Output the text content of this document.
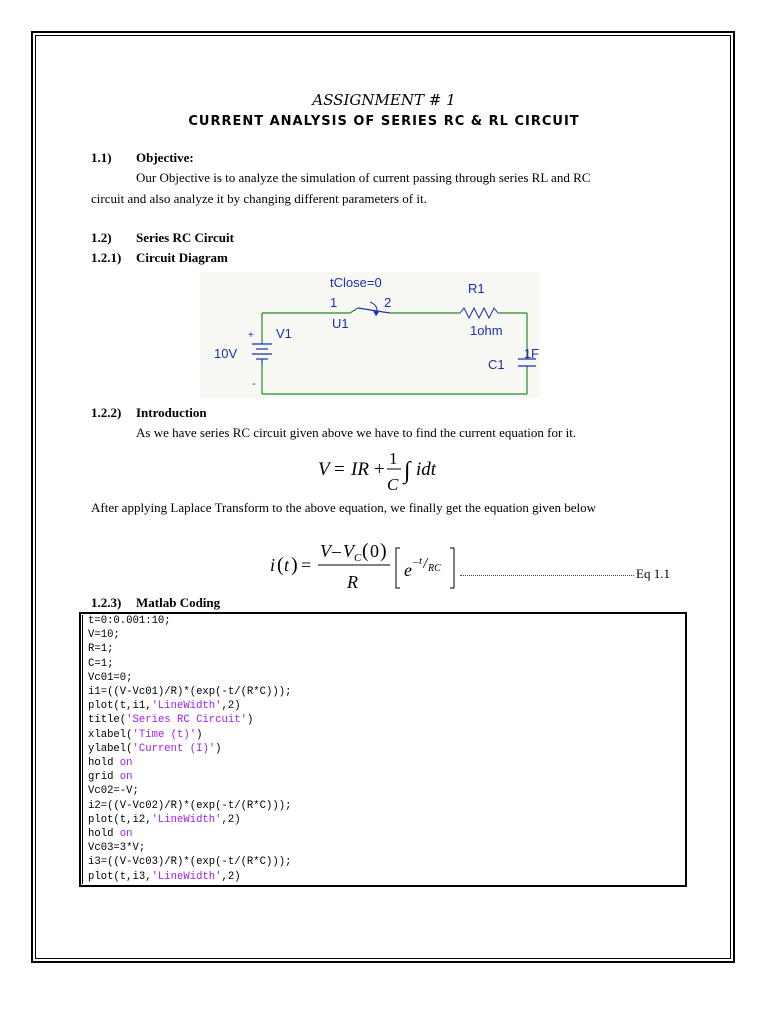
ASSIGNMENT # 1
CURRENT ANALYSIS OF SERIES RC & RL CIRCUIT
1.1) Objective:
Our Objective is to analyze the simulation of current passing through series RL and RC
circuit and also analyze it by changing different parameters of it.
1.2) Series RC Circuit
1.2.1) Circuit Diagram
tClose=0
1	2
U1
R1
1ohm
V1
+
-
10V
C1
1F
1.2.2) Introduction
As we have series RC circuit given above we have to find the current equation for it.
V = IR +
1
C
∫ idt
After applying Laplace Transform to the above equation, we finally get the equation given below
i ( t ) =
V – V C ( 0 )
R
e – t
RC	Eq 1.1
1.2.3) Matlab Coding
t=0:0.001:10;
V=10;
R=1;
C=1;
Vc01=0;
i1=((V-Vc01)/R)*(exp(-t/(R*C)));
plot(t,i1,'LineWidth',2)
title('Series RC Circuit')
xlabel('Time (t)')
ylabel('Current (I)')
hold on
grid on
Vc02=-V;
i2=((V-Vc02)/R)*(exp(-t/(R*C)));
plot(t,i2,'LineWidth',2)
hold on
Vc03=3*V;
i3=((V-Vc03)/R)*(exp(-t/(R*C)));
plot(t,i3,'LineWidth',2)
